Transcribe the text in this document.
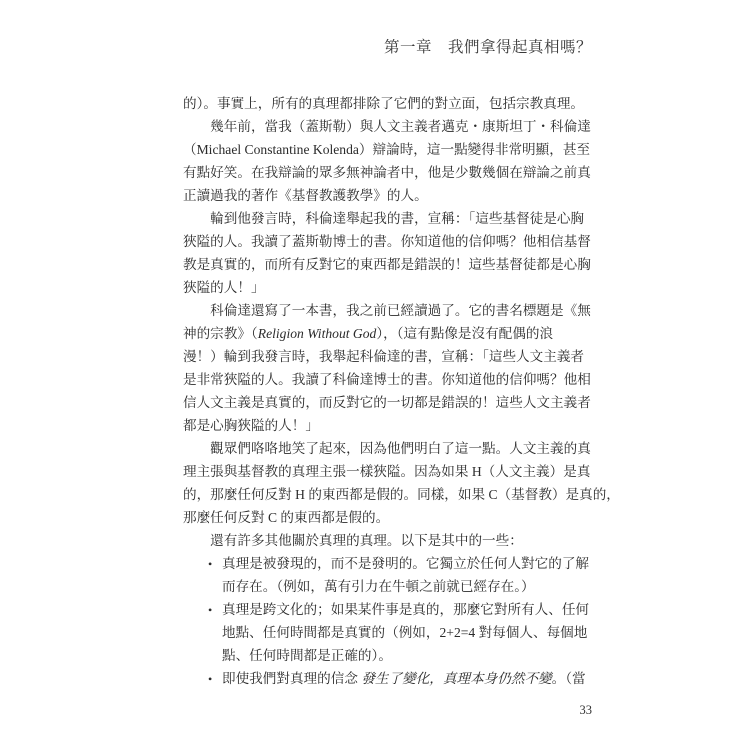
第一章　我們拿得起真相嗎？
的）。事實上，所有的真理都排除了它們的對立面，包括宗教真理。
　　幾年前，當我（蓋斯勒）與人文主義者邁克・康斯坦丁・科倫達
（Michael Constantine Kolenda）辯論時，這一點變得非常明顯，甚至
有點好笑。在我辯論的眾多無神論者中，他是少數幾個在辯論之前真
正讀過我的著作《基督教護教學》的人。
　　輪到他發言時，科倫達舉起我的書，宣稱：「這些基督徒是心胸
狹隘的人。我讀了蓋斯勒博士的書。你知道他的信仰嗎？他相信基督
教是真實的，而所有反對它的東西都是錯誤的！這些基督徒都是心胸
狹隘的人！」
　　科倫達還寫了一本書，我之前已經讀過了。它的書名標題是《無
神的宗教》（Religion Without God），（這有點像是沒有配偶的浪
漫！）輪到我發言時，我舉起科倫達的書，宣稱：「這些人文主義者
是非常狹隘的人。我讀了科倫達博士的書。你知道他的信仰嗎？他相
信人文主義是真實的，而反對它的一切都是錯誤的！這些人文主義者
都是心胸狹隘的人！」
　　觀眾們咯咯地笑了起來，因為他們明白了這一點。人文主義的真
理主張與基督教的真理主張一樣狹隘。因為如果 H（人文主義）是真
的，那麼任何反對 H 的東西都是假的。同樣，如果 C（基督教）是真的，
那麼任何反對 C 的東西都是假的。
　　還有許多其他關於真理的真理。以下是其中的一些：
• 真理是被發現的，而不是發明的。它獨立於任何人對它的了解
而存在。（例如，萬有引力在牛頓之前就已經存在。）
• 真理是跨文化的；如果某件事是真的，那麼它對所有人、任何
地點、任何時間都是真實的（例如，2+2=4 對每個人、每個地
點、任何時間都是正確的）。
• 即使我們對真理的信念 發生了變化，真理本身仍然不變。（當
33
